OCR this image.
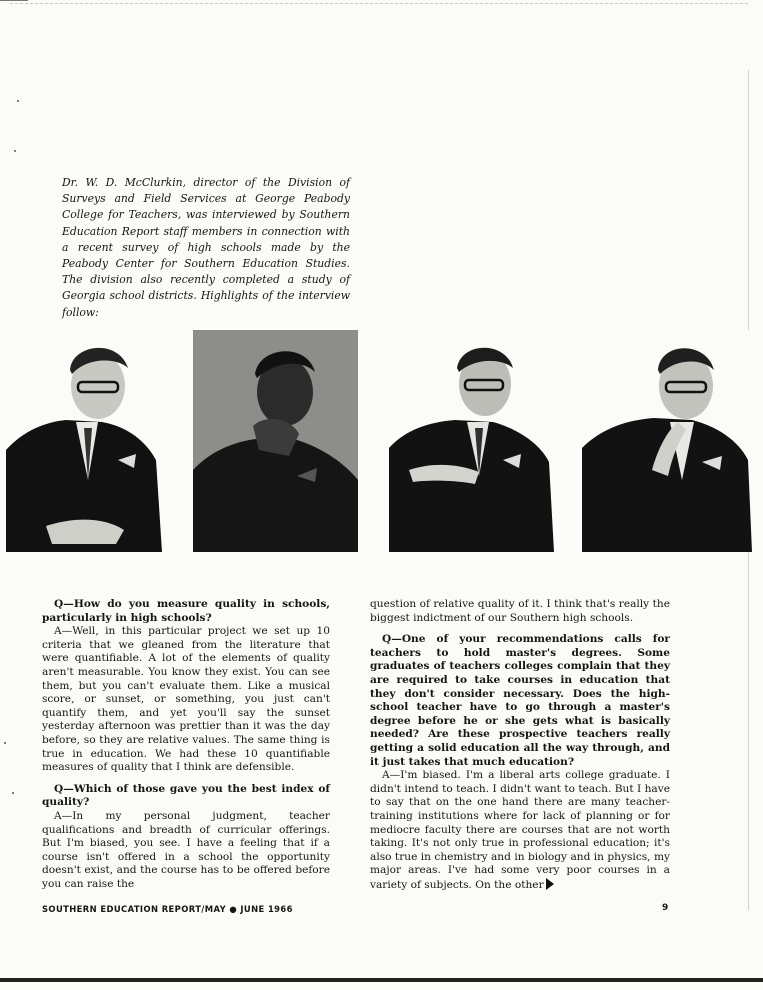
Dr. W. D. McClurkin, director of the Division of Surveys and Field Services at George Peabody College for Teachers, was interviewed by Southern Education Report staff members in connection with a recent survey of high schools made by the Peabody Center for Southern Education Studies. The division also recently completed a study of Georgia school districts. Highlights of the interview follow:

Q—How do you measure quality in schools, particularly in high schools?

A—Well, in this particular project we set up 10 criteria that we gleaned from the literature that were quantifiable. A lot of the elements of quality aren't measurable. You know they exist. You can see them, but you can't evaluate them. Like a musical score, or sunset, or something, you just can't quantify them, and yet you'll say the sunset yesterday afternoon was prettier than it was the day before, so they are relative values. The same thing is true in education. We had these 10 quantifiable measures of quality that I think are defensible.

Q—Which of those gave you the best index of quality?

A—In my personal judgment, teacher qualifications and breadth of curricular offerings. But I'm biased, you see. I have a feeling that if a course isn't offered in a school the opportunity doesn't exist, and the course has to be offered before you can raise the

question of relative quality of it. I think that's really the biggest indictment of our Southern high schools.

Q—One of your recommendations calls for teachers to hold master's degrees. Some graduates of teachers colleges complain that they are required to take courses in education that they don't consider necessary. Does the high-school teacher have to go through a master's degree before he or she gets what is basically needed? Are these prospective teachers really getting a solid education all the way through, and it just takes that much education?

A—I'm biased. I'm a liberal arts college graduate. I didn't intend to teach. I didn't want to teach. But I have to say that on the one hand there are many teacher-training institutions where for lack of planning or for mediocre faculty there are courses that are not worth taking. It's not only true in professional education; it's also true in chemistry and in biology and in physics, my major areas. I've had some very poor courses in a variety of subjects. On the other

SOUTHERN EDUCATION REPORT/MAY ● JUNE 1966	9
